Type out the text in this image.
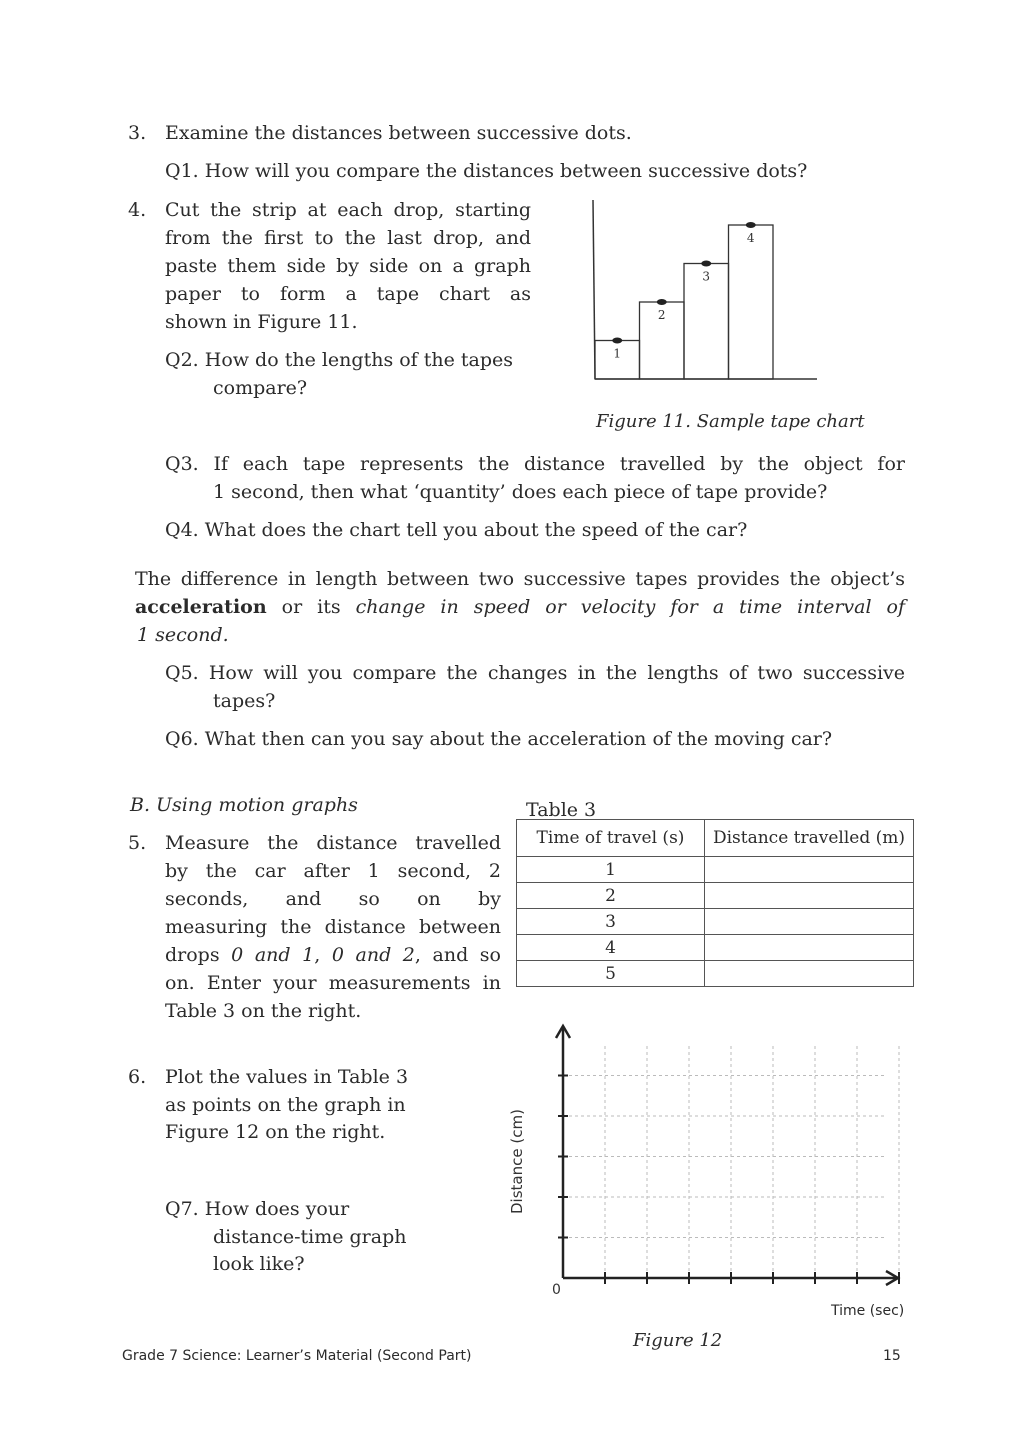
3. Examine the distances between successive dots.
Q1. How will you compare the distances between successive dots?
4. Cut the strip at each drop, starting
from the first to the last drop, and
paste them side by side on a graph
paper to form a tape chart as
shown in Figure 11.
Q2. How do the lengths of the tapes
compare?
1
2
3
4
Figure 11. Sample tape chart
Q3. If each tape represents the distance travelled by the object for
1 second, then what ‘quantity’ does each piece of tape provide?
Q4. What does the chart tell you about the speed of the car?
The difference in length between two successive tapes provides the object’s
acceleration or its change in speed or velocity for a time interval of
1 second.
Q5. How will you compare the changes in the lengths of two successive
tapes?
Q6. What then can you say about the acceleration of the moving car?
B. Using motion graphs
5. Measure the distance travelled
by the car after 1 second, 2
seconds, and so on by
measuring the distance between
drops 0 and 1, 0 and 2, and so
on. Enter your measurements in
Table 3 on the right.
Table 3
Time of travel (s)	Distance travelled (m)
1	
2	
3	
4	
5	
6. Plot the values in Table 3
as points on the graph in
Figure 12 on the right.
Q7. How does your
distance-time graph
look like?
0
Distance (cm)
Time (sec)
Figure 12
Grade 7 Science: Learner’s Material (Second Part)	15
